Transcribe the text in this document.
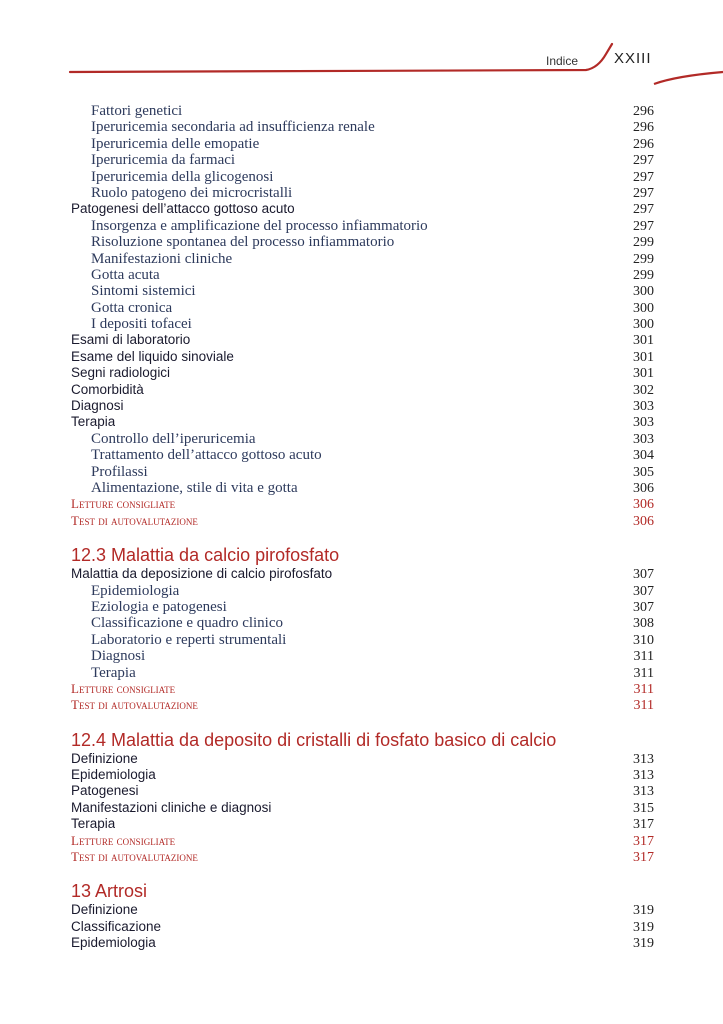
Indice XXIII
Fattori genetici	296
Iperuricemia secondaria ad insufficienza renale	296
Iperuricemia delle emopatie	296
Iperuricemia da farmaci	297
Iperuricemia della glicogenosi	297
Ruolo patogeno dei microcristalli	297
Patogenesi dell’attacco gottoso acuto	297
Insorgenza e amplificazione del processo infiammatorio	297
Risoluzione spontanea del processo infiammatorio	299
Manifestazioni cliniche	299
Gotta acuta	299
Sintomi sistemici	300
Gotta cronica	300
I depositi tofacei	300
Esami di laboratorio	301
Esame del liquido sinoviale	301
Segni radiologici	301
Comorbidità	302
Diagnosi	303
Terapia	303
Controllo dell’iperuricemia	303
Trattamento dell’attacco gottoso acuto	304
Profilassi	305
Alimentazione, stile di vita e gotta	306
Letture consigliate	306
Test di autovalutazione	306
12.3 Malattia da calcio pirofosfato
Malattia da deposizione di calcio pirofosfato	307
Epidemiologia	307
Eziologia e patogenesi	307
Classificazione e quadro clinico	308
Laboratorio e reperti strumentali	310
Diagnosi	311
Terapia	311
Letture consigliate	311
Test di autovalutazione	311
12.4 Malattia da deposito di cristalli di fosfato basico di calcio
Definizione	313
Epidemiologia	313
Patogenesi	313
Manifestazioni cliniche e diagnosi	315
Terapia	317
Letture consigliate	317
Test di autovalutazione	317
13 Artrosi
Definizione	319
Classificazione	319
Epidemiologia	319
